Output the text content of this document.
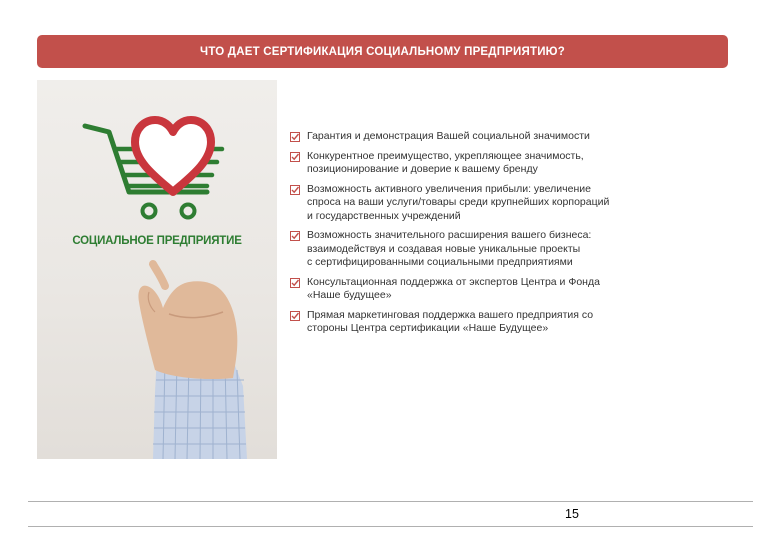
ЧТО ДАЕТ СЕРТИФИКАЦИЯ СОЦИАЛЬНОМУ ПРЕДПРИЯТИЮ?
СОЦИАЛЬНОЕ ПРЕДПРИЯТИЕ
Гарантия и демонстрация Вашей социальной значимости
Конкурентное преимущество, укрепляющее значимость,
позиционирование и доверие к вашему бренду
Возможность активного увеличения прибыли: увеличение
спроса на ваши услуги/товары среди крупнейших корпораций
и государственных учреждений
Возможность значительного расширения вашего бизнеса:
взаимодействуя и создавая новые уникальные проекты
с сертифицированными социальными предприятиями
Консультационная поддержка от экспертов Центра и Фонда
«Наше будущее»
Прямая маркетинговая поддержка вашего предприятия со
стороны Центра сертификации «Наше Будущее»
15
